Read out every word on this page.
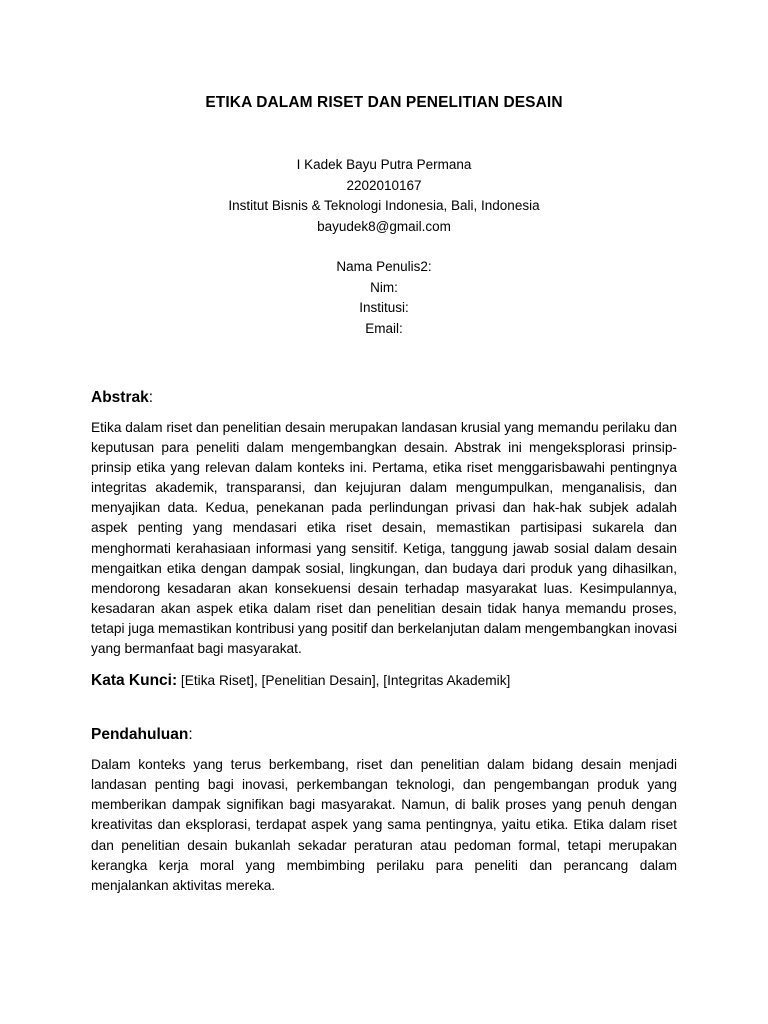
ETIKA DALAM RISET DAN PENELITIAN DESAIN
I Kadek Bayu Putra Permana
2202010167
Institut Bisnis & Teknologi Indonesia, Bali, Indonesia
bayudek8@gmail.com
Nama Penulis2:
Nim:
Institusi:
Email:
Abstrak:

Etika dalam riset dan penelitian desain merupakan landasan krusial yang memandu perilaku dan keputusan para peneliti dalam mengembangkan desain. Abstrak ini mengeksplorasi prinsip-prinsip etika yang relevan dalam konteks ini. Pertama, etika riset menggarisbawahi pentingnya integritas akademik, transparansi, dan kejujuran dalam mengumpulkan, menganalisis, dan menyajikan data. Kedua, penekanan pada perlindungan privasi dan hak-hak subjek adalah aspek penting yang mendasari etika riset desain, memastikan partisipasi sukarela dan menghormati kerahasiaan informasi yang sensitif. Ketiga, tanggung jawab sosial dalam desain mengaitkan etika dengan dampak sosial, lingkungan, dan budaya dari produk yang dihasilkan, mendorong kesadaran akan konsekuensi desain terhadap masyarakat luas. Kesimpulannya, kesadaran akan aspek etika dalam riset dan penelitian desain tidak hanya memandu proses, tetapi juga memastikan kontribusi yang positif dan berkelanjutan dalam mengembangkan inovasi yang bermanfaat bagi masyarakat.

Kata Kunci: [Etika Riset], [Penelitian Desain], [Integritas Akademik]
Pendahuluan:

Dalam konteks yang terus berkembang, riset dan penelitian dalam bidang desain menjadi landasan penting bagi inovasi, perkembangan teknologi, dan pengembangan produk yang memberikan dampak signifikan bagi masyarakat. Namun, di balik proses yang penuh dengan kreativitas dan eksplorasi, terdapat aspek yang sama pentingnya, yaitu etika. Etika dalam riset dan penelitian desain bukanlah sekadar peraturan atau pedoman formal, tetapi merupakan kerangka kerja moral yang membimbing perilaku para peneliti dan perancang dalam menjalankan aktivitas mereka.
